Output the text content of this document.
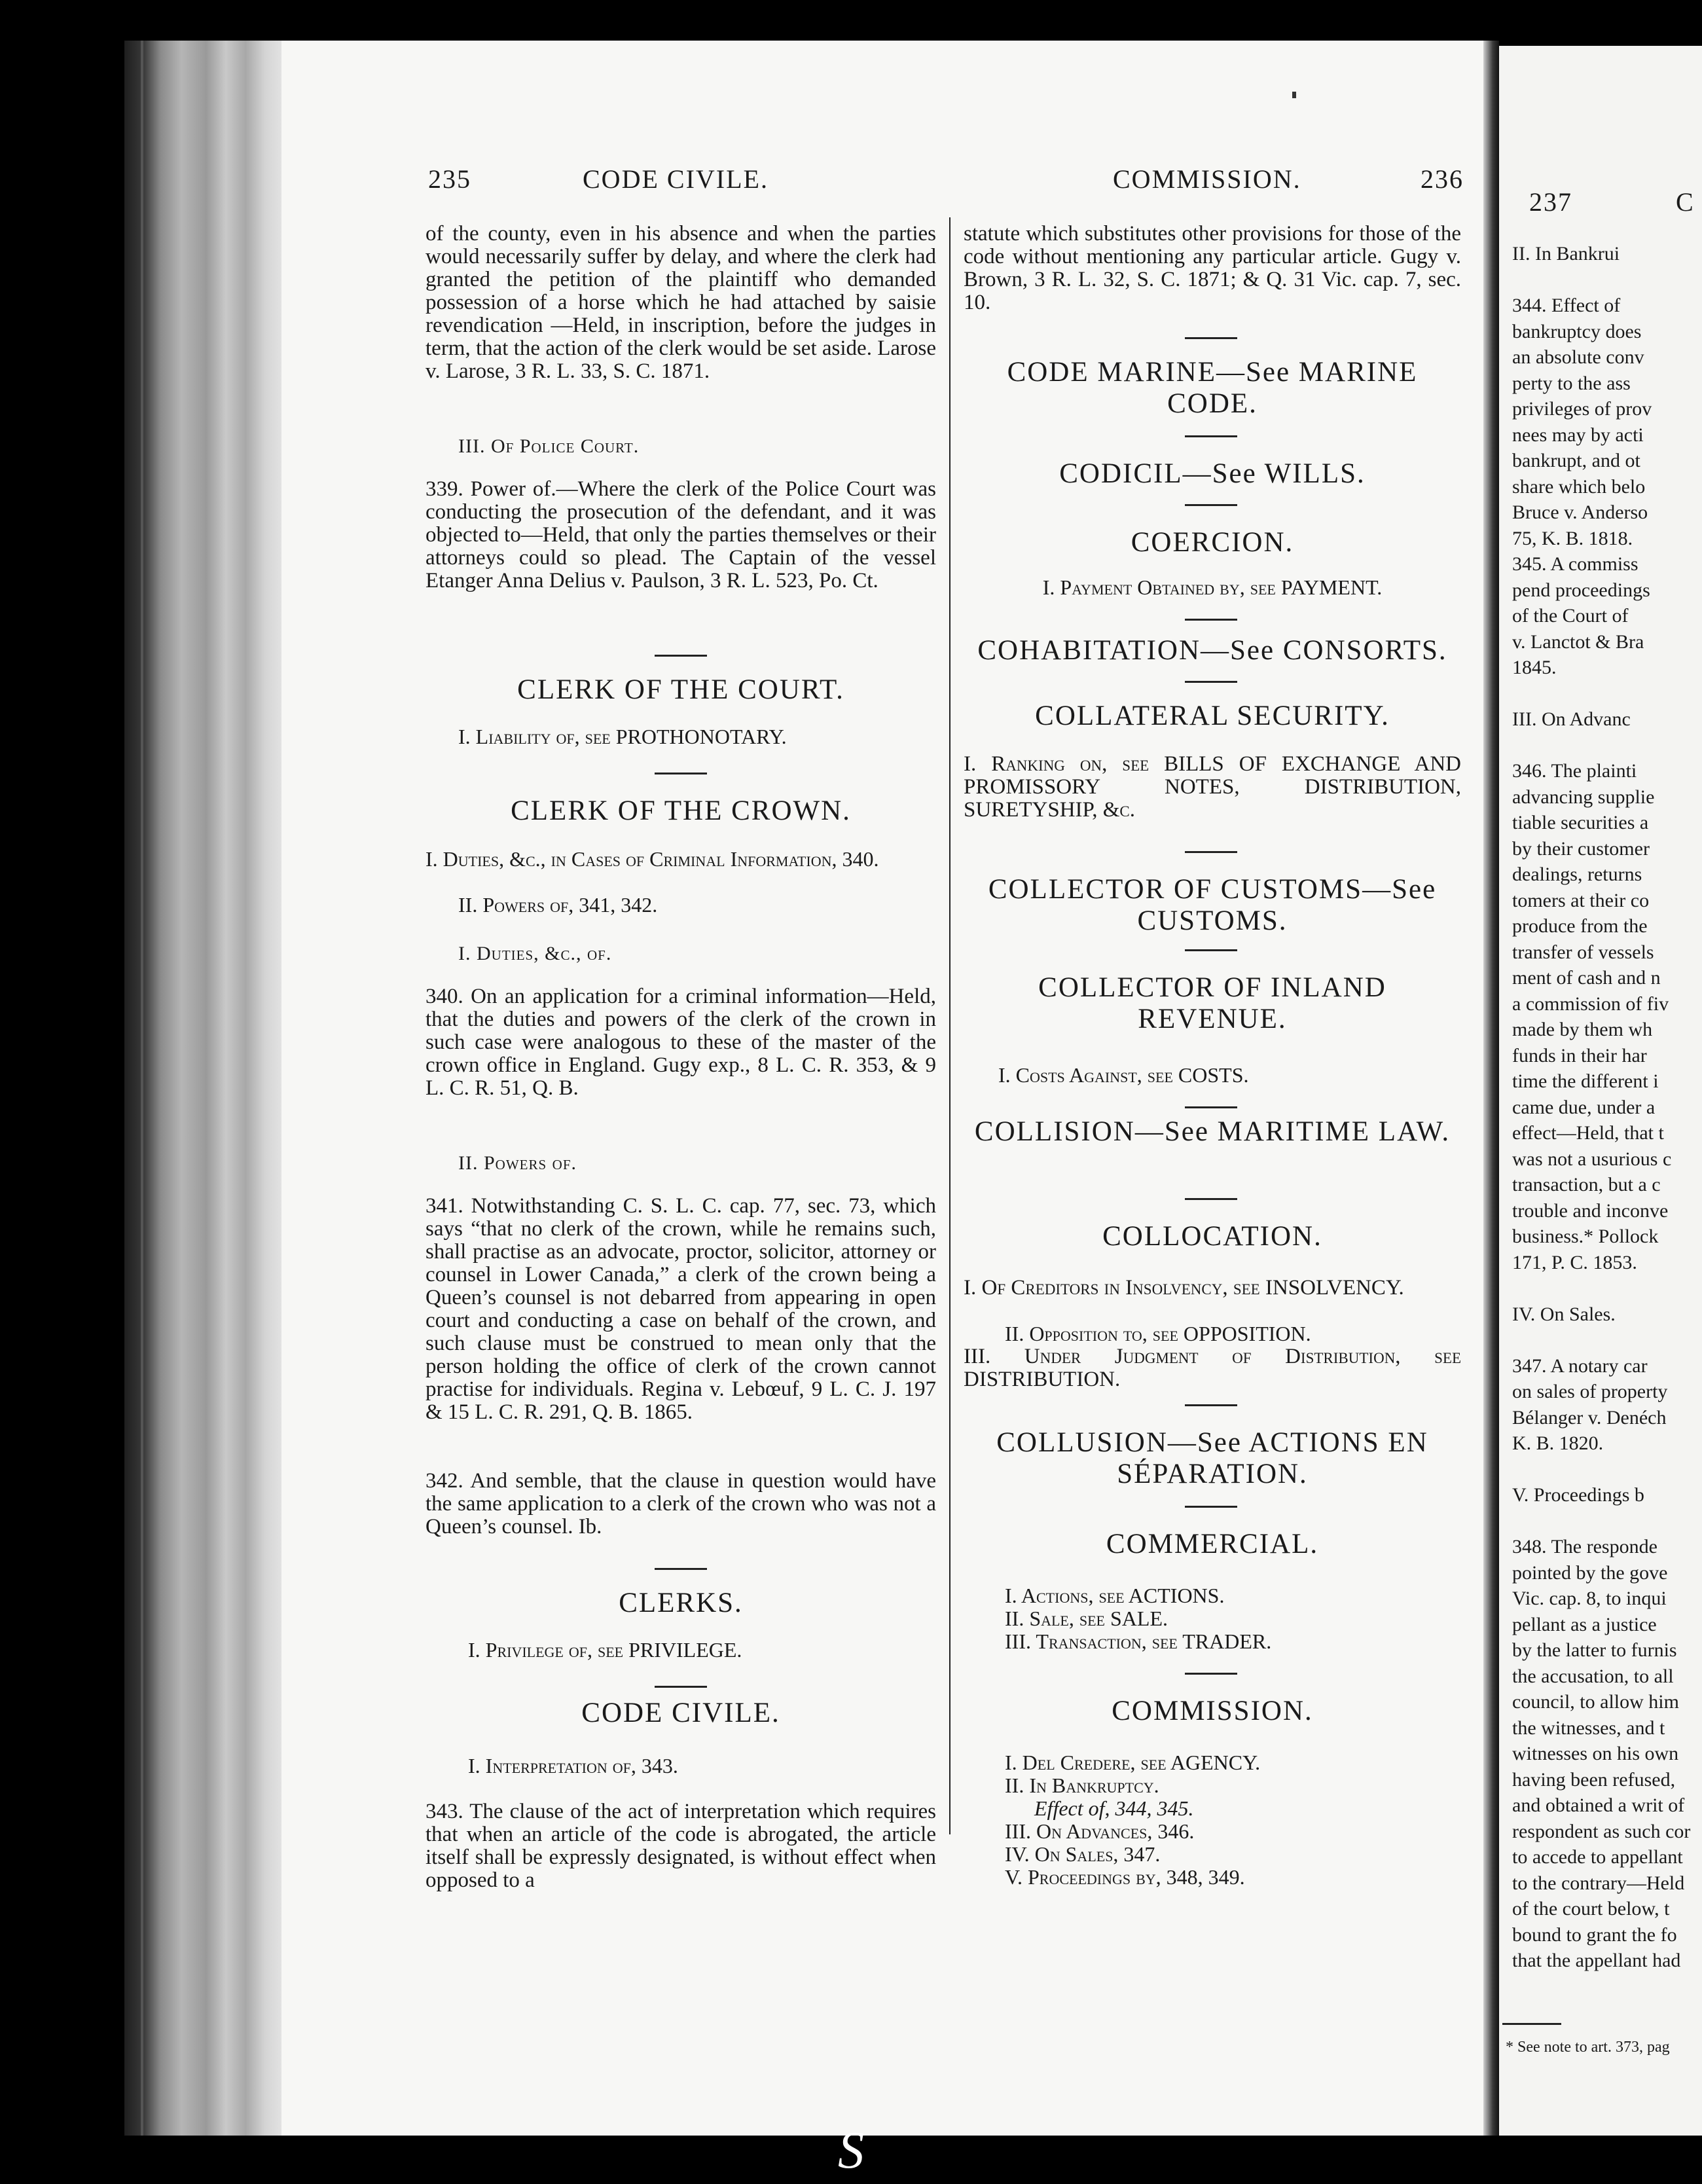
235	CODE CIVILE.	COMMISSION.	236

of the county, even in his absence and when the parties would necessarily suffer by delay, and where the clerk had granted the petition of the plaintiff who demanded possession of a horse which he had attached by saisie revendication —Held, in inscription, before the judges in term, that the action of the clerk would be set aside. Larose v. Larose, 3 R. L. 33, S. C. 1871.

III. Of Police Court.

339. Power of.—Where the clerk of the Police Court was conducting the prosecution of the defendant, and it was objected to—Held, that only the parties themselves or their attorneys could so plead. The Captain of the vessel Etanger Anna Delius v. Paulson, 3 R. L. 523, Po. Ct.

CLERK OF THE COURT.
I. Liability of, see PROTHONOTARY.
CLERK OF THE CROWN.
I. Duties, &c., in Cases of Criminal Information, 340.
II. Powers of, 341, 342.
I. Duties, &c., of.

340. On an application for a criminal information—Held, that the duties and powers of the clerk of the crown in such case were analogous to these of the master of the crown office in England. Gugy exp., 8 L. C. R. 353, & 9 L. C. R. 51, Q. B.

II. Powers of.

341. Notwithstanding C. S. L. C. cap. 77, sec. 73, which says “that no clerk of the crown, while he remains such, shall practise as an advocate, proctor, solicitor, attorney or counsel in Lower Canada,” a clerk of the crown being a Queen’s counsel is not debarred from appearing in open court and conducting a case on behalf of the crown, and such clause must be construed to mean only that the person holding the office of clerk of the crown cannot practise for individuals. Regina v. Lebœuf, 9 L. C. J. 197 & 15 L. C. R. 291, Q. B. 1865.

342. And semble, that the clause in question would have the same application to a clerk of the crown who was not a Queen’s counsel. Ib.

CLERKS.
I. Privilege of, see PRIVILEGE.
CODE CIVILE.
I. Interpretation of, 343.

343. The clause of the act of interpretation which requires that when an article of the code is abrogated, the article itself shall be expressly designated, is without effect when opposed to a

statute which substitutes other provisions for those of the code without mentioning any particular article. Gugy v. Brown, 3 R. L. 32, S. C. 1871; & Q. 31 Vic. cap. 7, sec. 10.

CODE MARINE—See MARINE CODE.
CODICIL—See WILLS.
COERCION.
I. Payment Obtained by, see PAYMENT.
COHABITATION—See CONSORTS.
COLLATERAL SECURITY.

I. Ranking on, see BILLS OF EXCHANGE AND PROMISSORY NOTES, DISTRIBUTION, SURETYSHIP, &c.

COLLECTOR OF CUSTOMS—See CUSTOMS.
COLLECTOR OF INLAND REVENUE.
I. Costs Against, see COSTS.
COLLISION—See MARITIME LAW.
COLLOCATION.

I. Of Creditors in Insolvency, see INSOLVENCY.

II. Opposition to, see OPPOSITION.

III. Under Judgment of Distribution, see DISTRIBUTION.

COLLUSION—See ACTIONS EN SÉPARATION.
COMMERCIAL.
I. Actions, see ACTIONS.
II. Sale, see SALE.
III. Transaction, see TRADER.
COMMISSION.
I. Del Credere, see AGENCY.
II. In Bankruptcy.
Effect of, 344, 345.
III. On Advances, 346.
IV. On Sales, 347.
V. Proceedings by, 348, 349.
237	C
II. In Bankrui
344. Effect of
bankruptcy does
an absolute conv
perty to the ass
privileges of prov
nees may by acti
bankrupt, and ot
share which belo
Bruce v. Anderso
75, K. B. 1818.
345. A commiss
pend proceedings
of the Court of
v. Lanctot & Bra
1845.
III. On Advanc
346. The plainti
advancing supplie
tiable securities a
by their customer
dealings, returns
tomers at their co
produce from the
transfer of vessels
ment of cash and n
a commission of fiv
made by them wh
funds in their har
time the different i
came due, under a
effect—Held, that t
was not a usurious c
transaction, but a c
trouble and inconve
business.* Pollock
171, P. C. 1853.
IV. On Sales.
347. A notary car
on sales of property
Bélanger v. Denéch
K. B. 1820.
V. Proceedings b
348. The responde
pointed by the gove
Vic. cap. 8, to inqui
pellant as a justice
by the latter to furnis
the accusation, to all
council, to allow him
the witnesses, and t
witnesses on his own
having been refused,
and obtained a writ of
respondent as such cor
to accede to appellant
to the contrary—Held
of the court below, t
bound to grant the fo
that the appellant had
* See note to art. 373, pag
S
